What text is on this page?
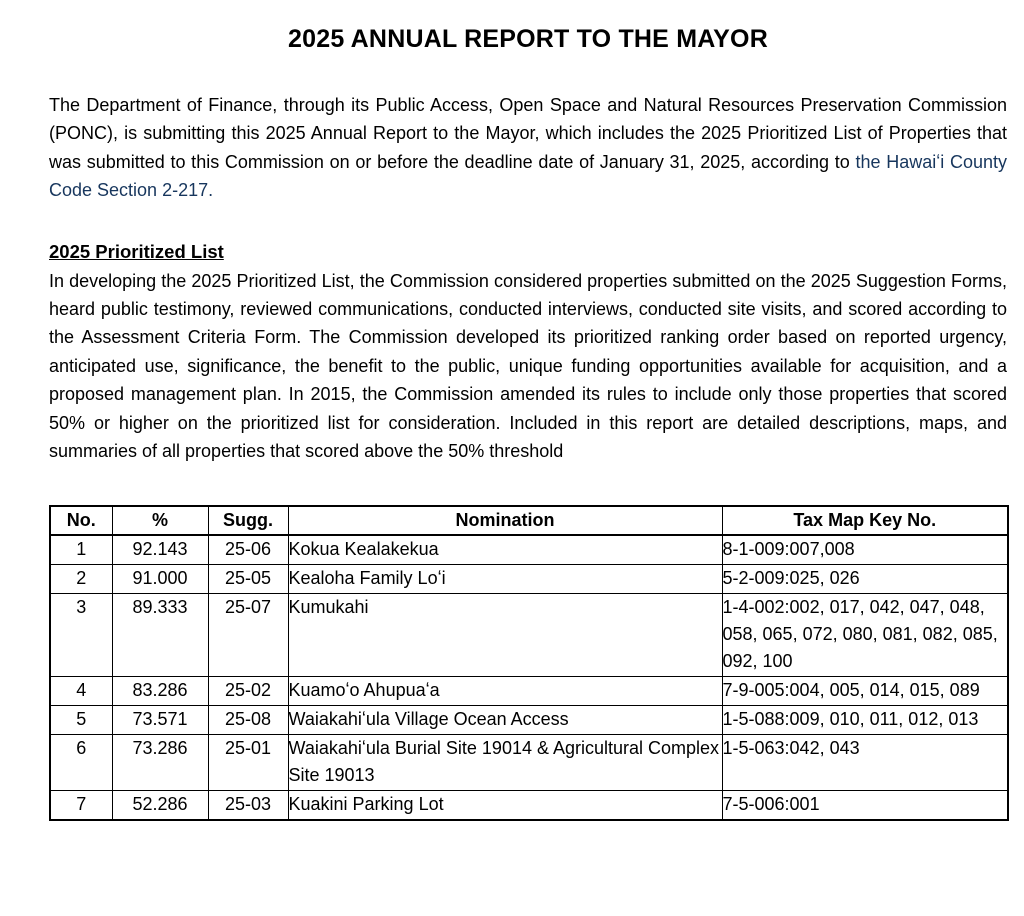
2025 ANNUAL REPORT TO THE MAYOR

The Department of Finance, through its Public Access, Open Space and Natural Resources Preservation Commission (PONC), is submitting this 2025 Annual Report to the Mayor, which includes the 2025 Prioritized List of Properties that was submitted to this Commission on or before the deadline date of January 31, 2025, according to the Hawaiʻi County Code Section 2-217.

2025 Prioritized List

In developing the 2025 Prioritized List, the Commission considered properties submitted on the 2025 Suggestion Forms, heard public testimony, reviewed communications, conducted interviews, conducted site visits, and scored according to the Assessment Criteria Form. The Commission developed its prioritized ranking order based on reported urgency, anticipated use, significance, the benefit to the public, unique funding opportunities available for acquisition, and a proposed management plan. In 2015, the Commission amended its rules to include only those properties that scored 50% or higher on the prioritized list for consideration. Included in this report are detailed descriptions, maps, and summaries of all properties that scored above the 50% threshold

No.	%	Sugg.	Nomination	Tax Map Key No.
1	92.143	25-06	Kokua Kealakekua	8-1-009:007,008
2	91.000	25-05	Kealoha Family Loʻi	5-2-009:025, 026
3	89.333	25-07	Kumukahi	1-4-002:002, 017, 042, 047, 048, 058, 065, 072, 080, 081, 082, 085, 092, 100
4	83.286	25-02	Kuamoʻo Ahupuaʻa	7-9-005:004, 005, 014, 015, 089
5	73.571	25-08	Waiakahiʻula Village Ocean Access	1-5-088:009, 010, 011, 012, 013
6	73.286	25-01	Waiakahiʻula Burial Site 19014 & Agricultural Complex Site 19013	1-5-063:042, 043
7	52.286	25-03	Kuakini Parking Lot	7-5-006:001
